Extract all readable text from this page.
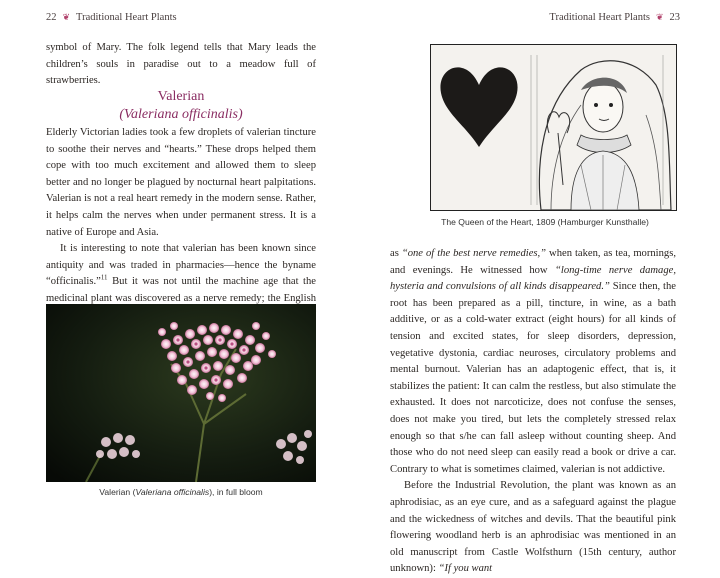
22 ❦ Traditional Heart Plants

symbol of Mary. The folk legend tells that Mary leads the children’s souls in paradise out to a meadow full of strawberries.

Valerian
(Valeriana officinalis)

Elderly Victorian ladies took a few droplets of valerian tincture to soothe their nerves and “hearts.” These drops helped them cope with too much excitement and allowed them to sleep better and no longer be plagued by nocturnal heart palpitations. Valerian is not a real heart remedy in the modern sense. Rather, it helps calm the nerves when under permanent stress. It is a native of Europe and Asia.

It is interesting to note that valerian has been known since antiquity and was traded in pharmacies—hence the byname “officinalis.”$^{11}$ But it was not until the machine age that the medicinal plant was discovered as a nerve remedy; the English

Valerian (Valeriana officinalis), in full bloom
Traditional Heart Plants ❦ 23
The Queen of the Heart, 1809 (Hamburger Kunsthalle)

as “one of the best nerve remedies,” when taken, as tea, mornings, and evenings. He witnessed how “long-time nerve damage, hysteria and convulsions of all kinds disappeared.” Since then, the root has been prepared as a pill, tincture, in wine, as a bath additive, or as a cold-water extract (eight hours) for all kinds of tension and excited states, for sleep disorders, depression, vegetative dystonia, cardiac neuroses, circulatory problems and mental burnout. Valerian has an adaptogenic effect, that is, it stabilizes the patient: It can calm the restless, but also stimulate the exhausted. It does not narcoticize, does not confuse the senses, does not make you tired, but lets the completely stressed relax enough so that s/he can fall asleep without counting sheep. And those who do not need sleep can easily read a book or drive a car. Contrary to what is sometimes claimed, valerian is not addictive.

Before the Industrial Revolution, the plant was known as an aphrodisiac, as an eye cure, and as a safeguard against the plague and the wickedness of witches and devils. That the beautiful pink flowering woodland herb is an aphrodisiac was mentioned in an old manuscript from Castle Wolfsthurn (15th century, author unknown): “If you want
